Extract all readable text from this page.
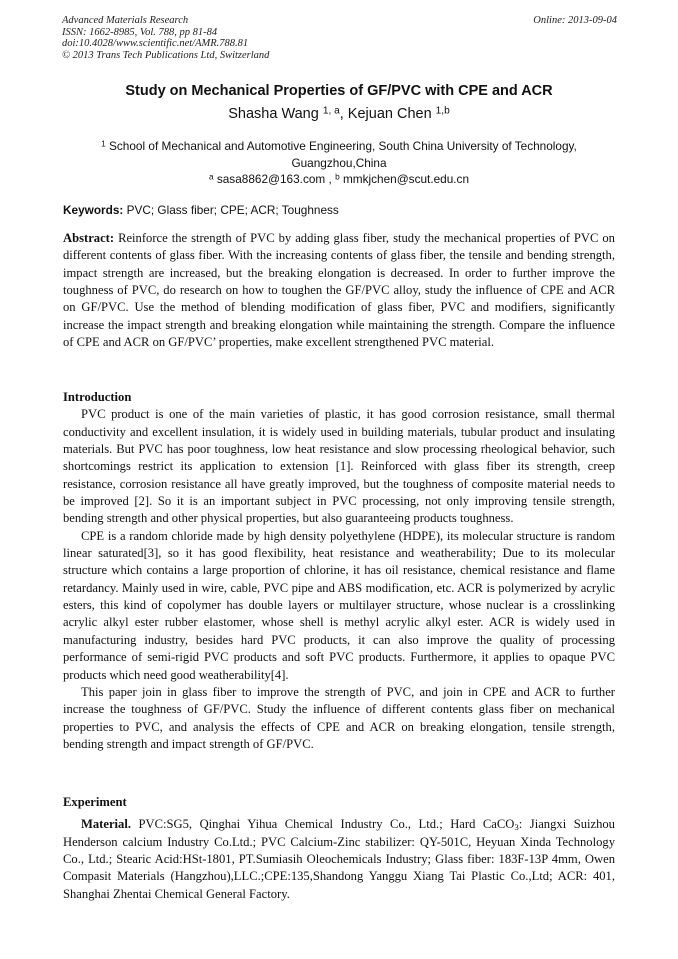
Advanced Materials Research
ISSN: 1662-8985, Vol. 788, pp 81-84
doi:10.4028/www.scientific.net/AMR.788.81
© 2013 Trans Tech Publications Ltd, Switzerland
Online: 2013-09-04
Study on Mechanical Properties of GF/PVC with CPE and ACR
Shasha Wang $^{1, a}$, Kejuan Chen $^{1,b}$
$^1$ School of Mechanical and Automotive Engineering, South China University of Technology,
Guangzhou,China
$^a$ sasa8862@163.com , $^b$ mmkjchen@scut.edu.cn
Keywords: PVC; Glass fiber; CPE; ACR; Toughness

Abstract: Reinforce the strength of PVC by adding glass fiber, study the mechanical properties of PVC on different contents of glass fiber. With the increasing contents of glass fiber, the tensile and bending strength, impact strength are increased, but the breaking elongation is decreased. In order to further improve the toughness of PVC, do research on how to toughen the GF/PVC alloy, study the influence of CPE and ACR on GF/PVC. Use the method of blending modification of glass fiber, PVC and modifiers, significantly increase the impact strength and breaking elongation while maintaining the strength. Compare the influence of CPE and ACR on GF/PVC’ properties, make excellent strengthened PVC material.

Introduction

PVC product is one of the main varieties of plastic, it has good corrosion resistance, small thermal conductivity and excellent insulation, it is widely used in building materials, tubular product and insulating materials. But PVC has poor toughness, low heat resistance and slow processing rheological behavior, such shortcomings restrict its application to extension [1]. Reinforced with glass fiber its strength, creep resistance, corrosion resistance all have greatly improved, but the toughness of composite material needs to be improved [2]. So it is an important subject in PVC processing, not only improving tensile strength, bending strength and other physical properties, but also guaranteeing products toughness.

CPE is a random chloride made by high density polyethylene (HDPE), its molecular structure is random linear saturated[3], so it has good flexibility, heat resistance and weatherability; Due to its molecular structure which contains a large proportion of chlorine, it has oil resistance, chemical resistance and flame retardancy. Mainly used in wire, cable, PVC pipe and ABS modification, etc. ACR is polymerized by acrylic esters, this kind of copolymer has double layers or multilayer structure, whose nuclear is a crosslinking acrylic alkyl ester rubber elastomer, whose shell is methyl acrylic alkyl ester. ACR is widely used in manufacturing industry, besides hard PVC products, it can also improve the quality of processing performance of semi-rigid PVC products and soft PVC products. Furthermore, it applies to opaque PVC products which need good weatherability[4].

This paper join in glass fiber to improve the strength of PVC, and join in CPE and ACR to further increase the toughness of GF/PVC. Study the influence of different contents glass fiber on mechanical properties to PVC, and analysis the effects of CPE and ACR on breaking elongation, tensile strength, bending strength and impact strength of GF/PVC.

Experiment

Material. PVC:SG5, Qinghai Yihua Chemical Industry Co., Ltd.; Hard CaCO$_3$: Jiangxi Suizhou Henderson calcium Industry Co.Ltd.; PVC Calcium-Zinc stabilizer: QY-501C, Heyuan Xinda Technology Co., Ltd.; Stearic Acid:HSt-1801, PT.Sumiasih Oleochemicals Industry; Glass fiber: 183F-13P 4mm, Owen Compasit Materials (Hangzhou),LLC.;CPE:135,Shandong Yanggu Xiang Tai Plastic Co.,Ltd; ACR: 401, Shanghai Zhentai Chemical General Factory.
